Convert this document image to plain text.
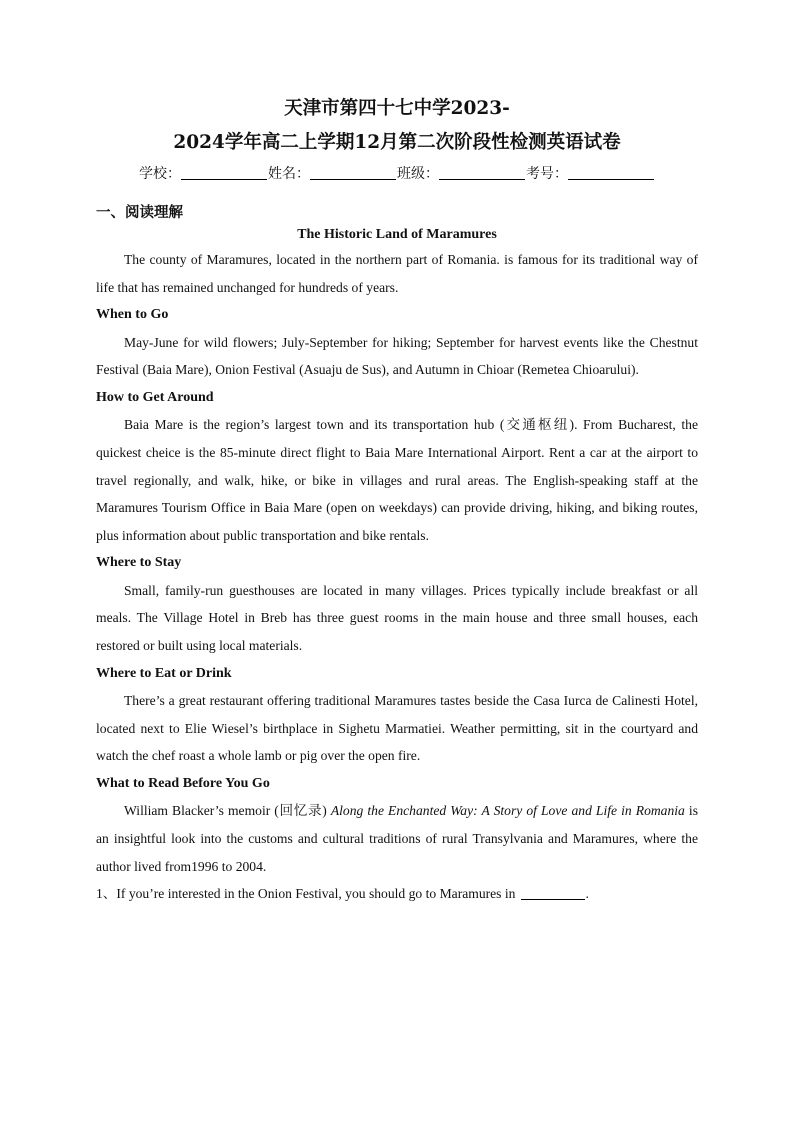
天津市第四十七中学2023-
2024学年高二上学期12月第二次阶段性检测英语试卷
学校：	姓名：	班级：	考号：
一、阅读理解
The Historic Land of Maramures

The county of Maramures, located in the northern part of Romania. is famous for its traditional way of life that has remained unchanged for hundreds of years.

When to Go

May-June for wild flowers; July-September for hiking; September for harvest events like the Chestnut Festival (Baia Mare), Onion Festival (Asuaju de Sus), and Autumn in Chioar (Remetea Chioarului).

How to Get Around

Baia Mare is the region’s largest town and its transportation hub (交通枢纽). From Bucharest, the quickest cheice is the 85-minute direct flight to Baia Mare International Airport. Rent a car at the airport to travel regionally, and walk, hike, or bike in villages and rural areas. The English-speaking staff at the Maramures Tourism Office in Baia Mare (open on weekdays) can provide driving, hiking, and biking routes, plus information about public transportation and bike rentals.

Where to Stay

Small, family-run guesthouses are located in many villages. Prices typically include breakfast or all meals. The Village Hotel in Breb has three guest rooms in the main house and three small houses, each restored or built using local materials.

Where to Eat or Drink

There’s a great restaurant offering traditional Maramures tastes beside the Casa Iurca de Calinesti Hotel, located next to Elie Wiesel’s birthplace in Sighetu Marmatiei. Weather permitting, sit in the courtyard and watch the chef roast a whole lamb or pig over the open fire.

What to Read Before You Go

William Blacker’s memoir (回忆录) Along the Enchanted Way: A Story of Love and Life in Romania is an insightful look into the customs and cultural traditions of rural Transylvania and Maramures, where the author lived from1996 to 2004.

1、If you’re interested in the Onion Festival, you should go to Maramures in	.
